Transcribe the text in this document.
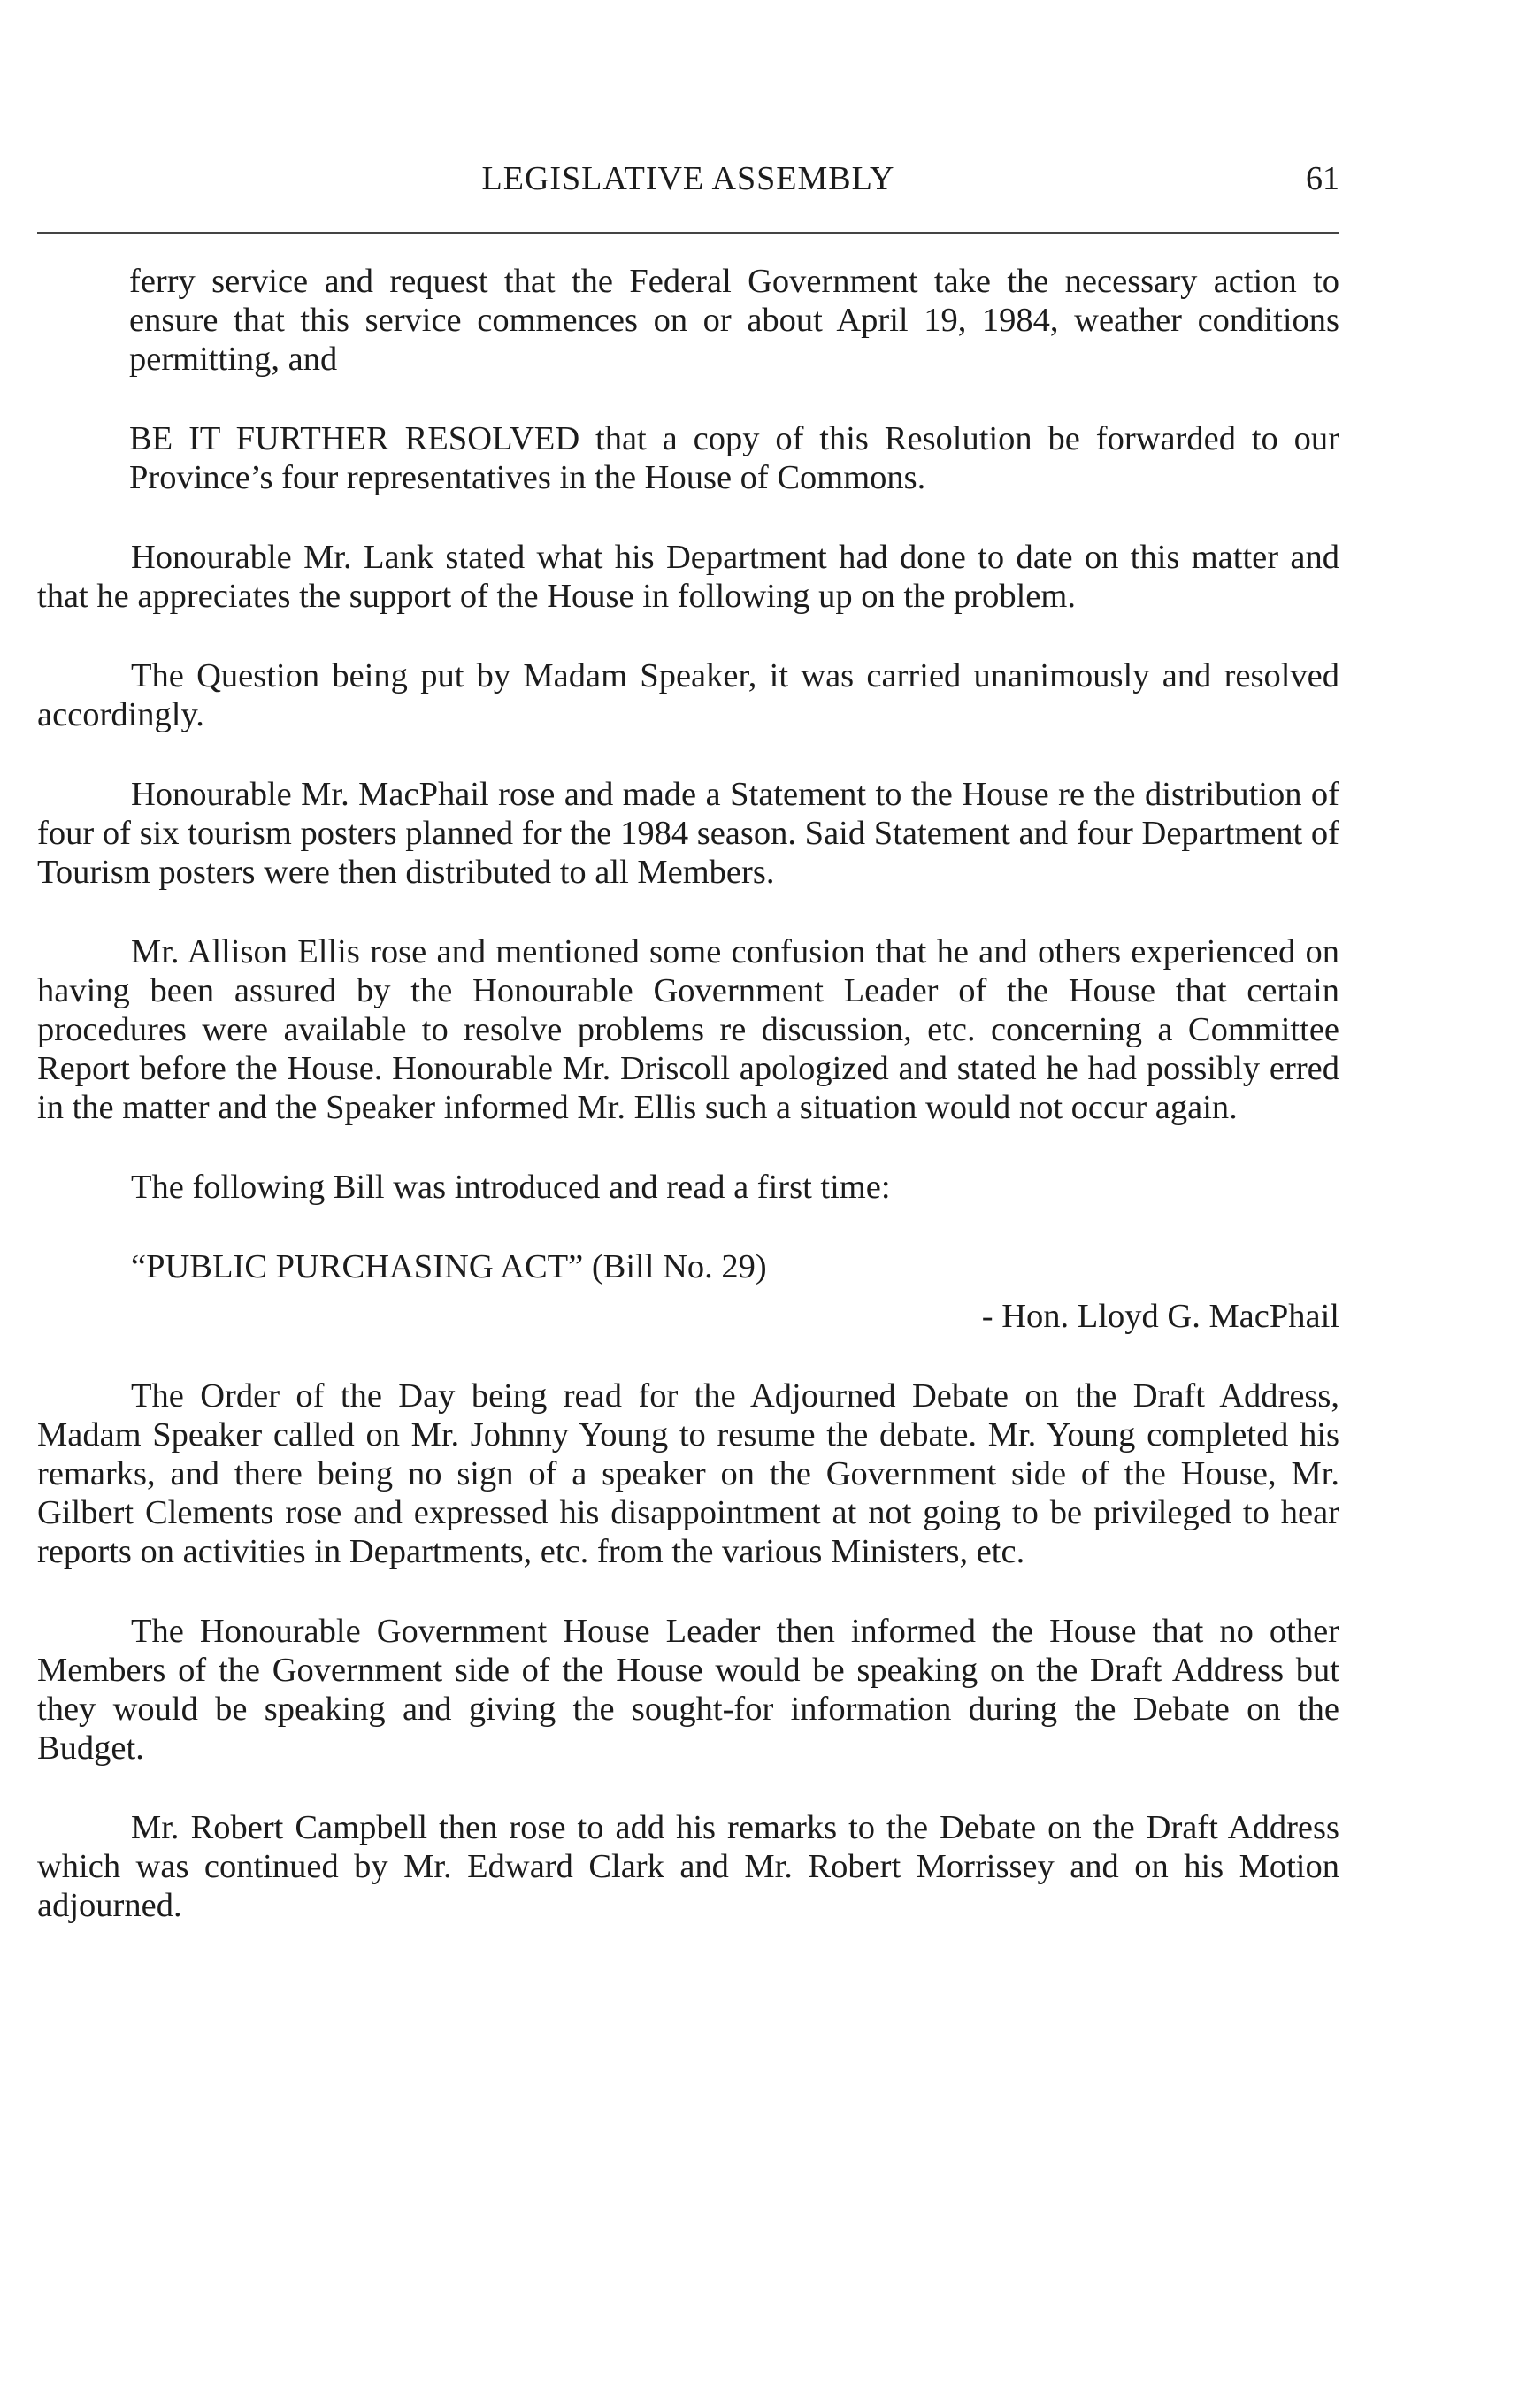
LEGISLATIVE ASSEMBLY	61

ferry service and request that the Federal Government take the necessary action to ensure that this service commences on or about April 19, 1984, weather conditions permitting, and

BE IT FURTHER RESOLVED that a copy of this Resolution be forwarded to our Province’s four representatives in the House of Commons.

Honourable Mr. Lank stated what his Department had done to date on this matter and that he appreciates the support of the House in following up on the problem.

The Question being put by Madam Speaker, it was carried unanimously and resolved accordingly.

Honourable Mr. MacPhail rose and made a Statement to the House re the distribution of four of six tourism posters planned for the 1984 season. Said Statement and four Department of Tourism posters were then distributed to all Members.

Mr. Allison Ellis rose and mentioned some confusion that he and others experienced on having been assured by the Honourable Government Leader of the House that certain procedures were available to resolve problems re discussion, etc. concerning a Committee Report before the House. Honourable Mr. Driscoll apologized and stated he had possibly erred in the matter and the Speaker informed Mr. Ellis such a situation would not occur again.

The following Bill was introduced and read a first time:

“PUBLIC PURCHASING ACT” (Bill No. 29)

- Hon. Lloyd G. MacPhail

The Order of the Day being read for the Adjourned Debate on the Draft Address, Madam Speaker called on Mr. Johnny Young to resume the debate. Mr. Young completed his remarks, and there being no sign of a speaker on the Government side of the House, Mr. Gilbert Clements rose and expressed his disappointment at not going to be privileged to hear reports on activities in Departments, etc. from the various Ministers, etc.

The Honourable Government House Leader then informed the House that no other Members of the Government side of the House would be speaking on the Draft Address but they would be speaking and giving the sought-for information during the Debate on the Budget.

Mr. Robert Campbell then rose to add his remarks to the Debate on the Draft Address which was continued by Mr. Edward Clark and Mr. Robert Morrissey and on his Motion adjourned.
